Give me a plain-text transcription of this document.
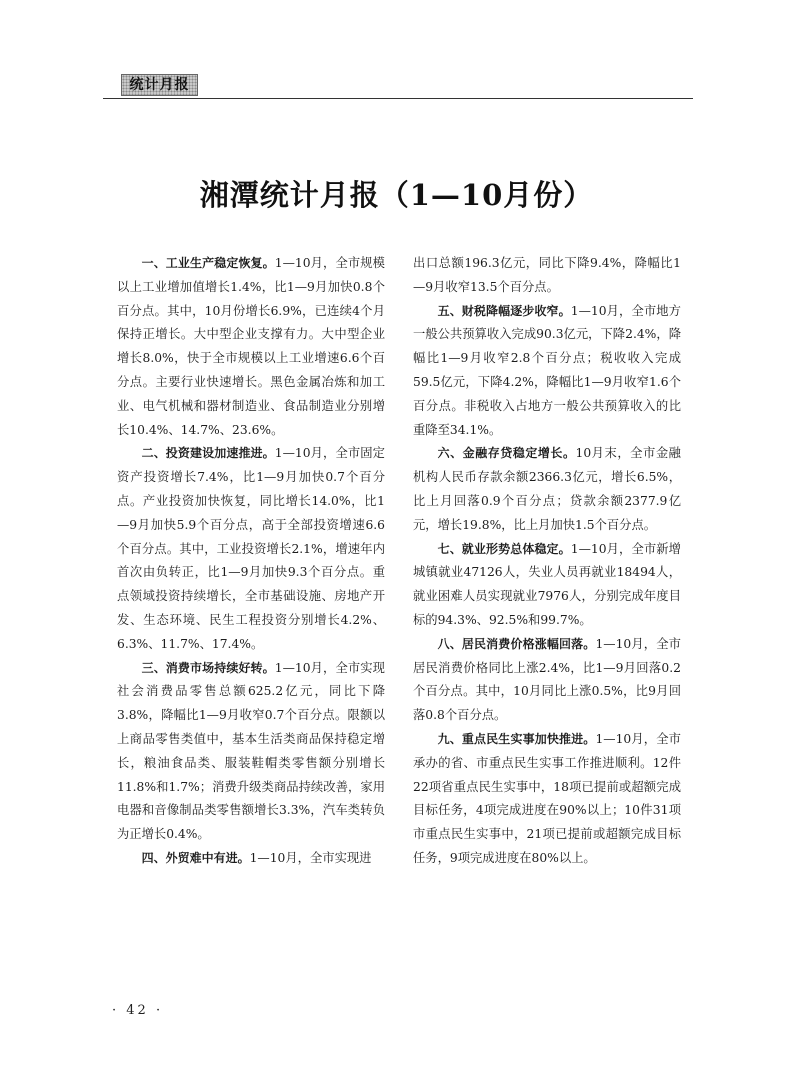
统计月报
湘潭统计月报（1—10月份）

一、工业生产稳定恢复。1—10月，全市规模以上工业增加值增长1.4%，比1—9月加快0.8个百分点。其中，10月份增长6.9%，已连续4个月保持正增长。大中型企业支撑有力。大中型企业增长8.0%，快于全市规模以上工业增速6.6个百分点。主要行业快速增长。黑色金属冶炼和加工业、电气机械和器材制造业、食品制造业分别增长10.4%、14.7%、23.6%。

二、投资建设加速推进。1—10月，全市固定资产投资增长7.4%，比1—9月加快0.7个百分点。产业投资加快恢复，同比增长14.0%，比1—9月加快5.9个百分点，高于全部投资增速6.6个百分点。其中，工业投资增长2.1%，增速年内首次由负转正，比1—9月加快9.3个百分点。重点领域投资持续增长，全市基础设施、房地产开发、生态环境、民生工程投资分别增长4.2%、6.3%、11.7%、17.4%。

三、消费市场持续好转。1—10月，全市实现社会消费品零售总额625.2亿元，同比下降3.8%，降幅比1—9月收窄0.7个百分点。限额以上商品零售类值中，基本生活类商品保持稳定增长，粮油食品类、服装鞋帽类零售额分别增长11.8%和1.7%；消费升级类商品持续改善，家用电器和音像制品类零售额增长3.3%，汽车类转负为正增长0.4%。

四、外贸难中有进。1—10月，全市实现进

出口总额196.3亿元，同比下降9.4%，降幅比1—9月收窄13.5个百分点。

五、财税降幅逐步收窄。1—10月，全市地方一般公共预算收入完成90.3亿元，下降2.4%，降幅比1—9月收窄2.8个百分点；税收收入完成59.5亿元，下降4.2%，降幅比1—9月收窄1.6个百分点。非税收入占地方一般公共预算收入的比重降至34.1%。

六、金融存贷稳定增长。10月末，全市金融机构人民币存款余额2366.3亿元，增长6.5%，比上月回落0.9个百分点；贷款余额2377.9亿元，增长19.8%，比上月加快1.5个百分点。

七、就业形势总体稳定。1—10月，全市新增城镇就业47126人，失业人员再就业18494人，就业困难人员实现就业7976人，分别完成年度目标的94.3%、92.5%和99.7%。

八、居民消费价格涨幅回落。1—10月，全市居民消费价格同比上涨2.4%，比1—9月回落0.2个百分点。其中，10月同比上涨0.5%，比9月回落0.8个百分点。

九、重点民生实事加快推进。1—10月，全市承办的省、市重点民生实事工作推进顺利。12件22项省重点民生实事中，18项已提前或超额完成目标任务，4项完成进度在90%以上；10件31项市重点民生实事中，21项已提前或超额完成目标任务，9项完成进度在80%以上。

· 42 ·
